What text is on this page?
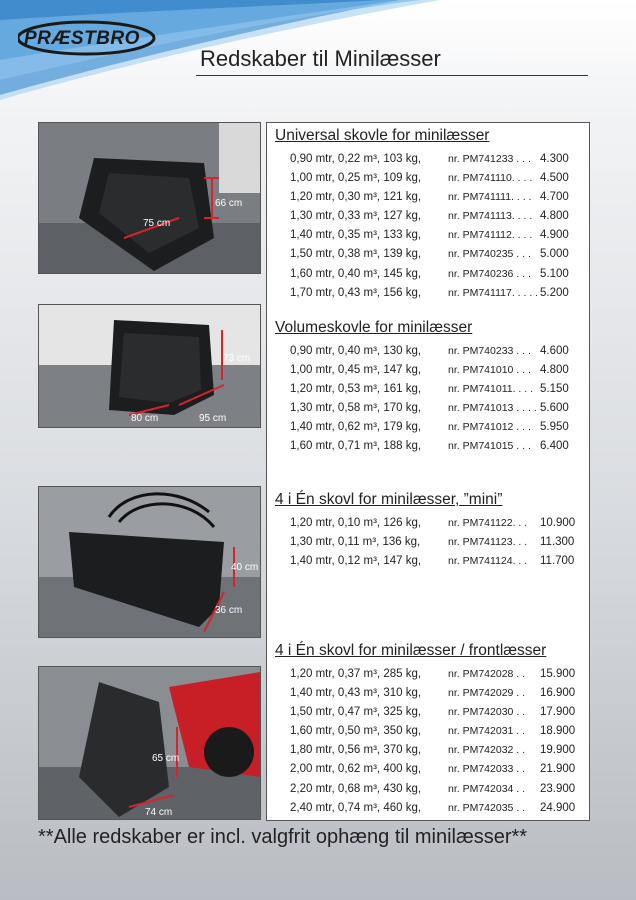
PRÆSTBRO
Redskaber til Minilæsser
66 cm
75 cm
73 cm
80 cm	95 cm
40 cm
36 cm
65 cm
74 cm
Universal skovle for minilæsser
0,90 mtr, 0,22 m³, 103 kg,	nr. PM741233 . . . 4.300
1,00 mtr, 0,25 m³, 109 kg,	nr. PM741110. . . . 4.500
1,20 mtr, 0,30 m³, 121 kg,	nr. PM741111. . . . 4.700
1,30 mtr, 0,33 m³, 127 kg,	nr. PM741113. . . . 4.800
1,40 mtr, 0,35 m³, 133 kg,	nr. PM741112. . . . 4.900
1,50 mtr, 0,38 m³, 139 kg,	nr. PM740235 . . . 5.000
1,60 mtr, 0,40 m³, 145 kg,	nr. PM740236 . . . 5.100
1,70 mtr, 0,43 m³, 156 kg,	nr. PM741117. . . . . 5.200
Volumeskovle for minilæsser
0,90 mtr, 0,40 m³, 130 kg,	nr. PM740233 . . . 4.600
1,00 mtr, 0,45 m³, 147 kg,	nr. PM741010 . . . 4.800
1,20 mtr, 0,53 m³, 161 kg,	nr. PM741011. . . . 5.150
1,30 mtr, 0,58 m³, 170 kg,	nr. PM741013 . . . . 5.600
1,40 mtr, 0,62 m³, 179 kg,	nr. PM741012 . . . 5.950
1,60 mtr, 0,71 m³, 188 kg,	nr. PM741015 . . . 6.400
4 i Én skovl for minilæsser, ”mini”
1,20 mtr, 0,10 m³, 126 kg,	nr. PM741122. . .	10.900
1,30 mtr, 0,11 m³, 136 kg,	nr. PM741123. . .	11.300
1,40 mtr, 0,12 m³, 147 kg,	nr. PM741124. . .	11.700
4 i Én skovl for minilæsser / frontlæsser
1,20 mtr, 0,37 m³, 285 kg,	nr. PM742028 . .	15.900
1,40 mtr, 0,43 m³, 310 kg,	nr. PM742029 . .	16.900
1,50 mtr, 0,47 m³, 325 kg,	nr. PM742030 . .	17.900
1,60 mtr, 0,50 m³, 350 kg,	nr. PM742031 . .	18.900
1,80 mtr, 0,56 m³, 370 kg,	nr. PM742032 . .	19.900
2,00 mtr, 0,62 m³, 400 kg,	nr. PM742033 . .	21.900
2,20 mtr, 0,68 m³, 430 kg,	nr. PM742034 . .	23.900
2,40 mtr, 0,74 m³, 460 kg,	nr. PM742035 . .	24.900
**Alle redskaber er incl. valgfrit ophæng til minilæsser**
